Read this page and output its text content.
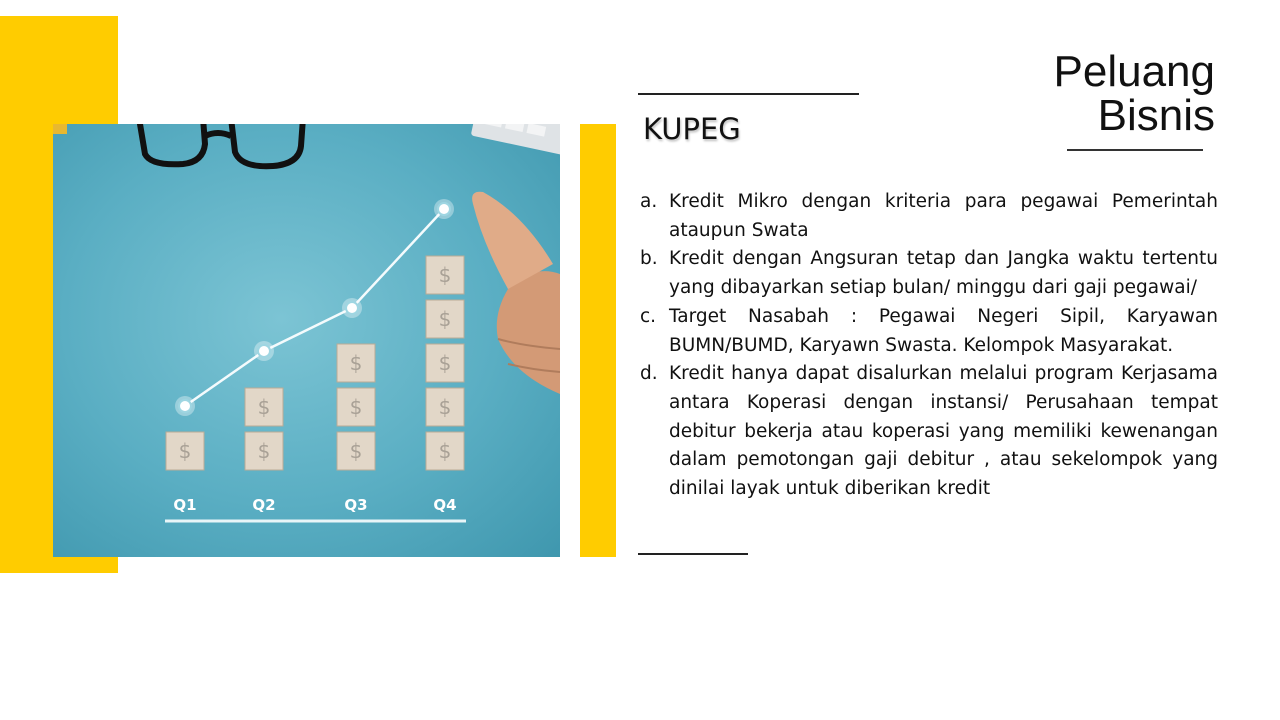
$	$
$
$
$
$
$
$
$
$
$
Q1	Q2	Q3	Q4
KUPEG
Peluang
Bisnis
a. Kredit Mikro dengan kriteria para pegawai Pemerintah ataupun Swata
b. Kredit dengan Angsuran tetap dan Jangka waktu tertentu yang dibayarkan setiap bulan/ minggu dari gaji pegawai/
c. Target Nasabah : Pegawai Negeri Sipil, Karyawan BUMN/BUMD, Karyawn Swasta. Kelompok Masyarakat.
d. Kredit hanya dapat disalurkan melalui program Kerjasama antara Koperasi dengan instansi/ Perusahaan tempat debitur bekerja atau koperasi yang memiliki kewenangan dalam pemotongan gaji debitur , atau sekelompok yang dinilai layak untuk diberikan kredit
